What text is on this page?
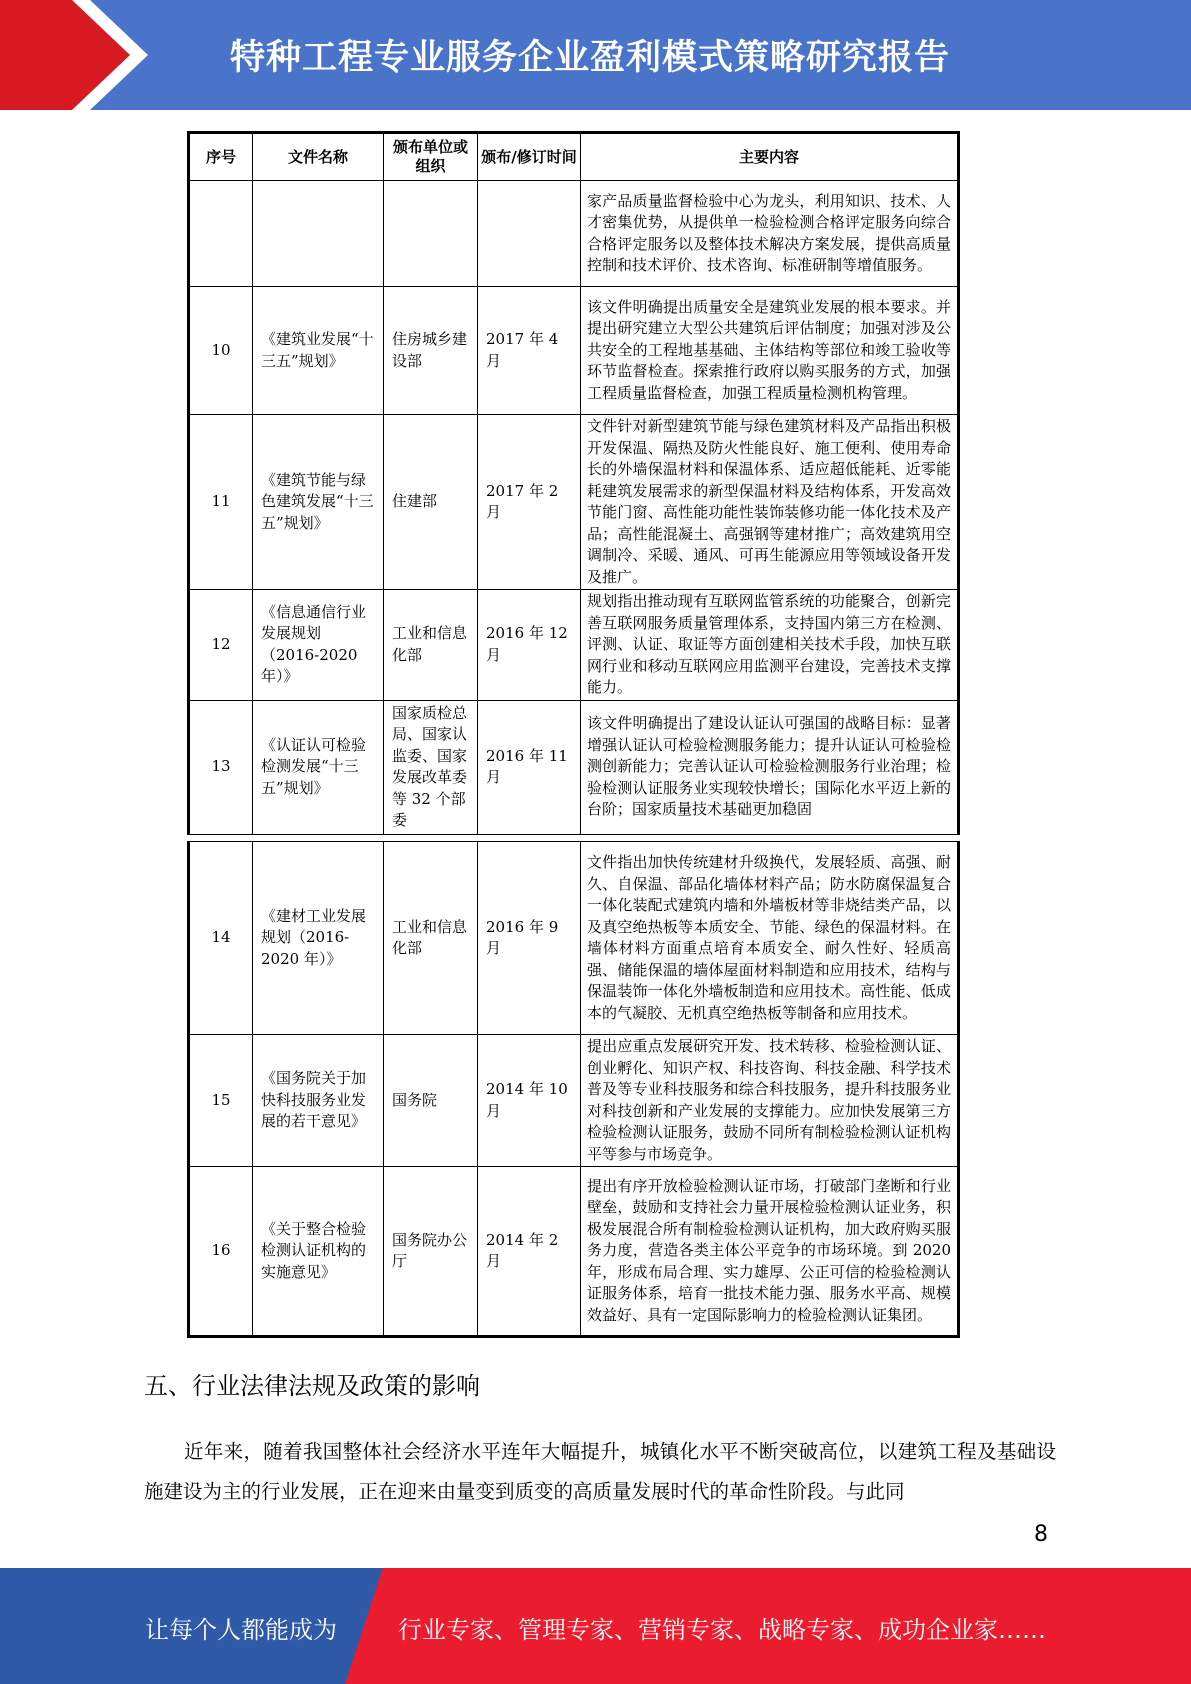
特种工程专业服务企业盈利模式策略研究报告
序号	文件名称	颁布单位或组织	颁布/修订时间	主要内容
				家产品质量监督检验中心为龙头，利用知识、技术、人才密集优势，从提供单一检验检测合格评定服务向综合合格评定服务以及整体技术解决方案发展，提供高质量控制和技术评价、技术咨询、标准研制等增值服务。
10	《建筑业发展“十三五”规划》	住房城乡建设部	2017 年 4 月	该文件明确提出质量安全是建筑业发展的根本要求。并提出研究建立大型公共建筑后评估制度；加强对涉及公共安全的工程地基基础、主体结构等部位和竣工验收等环节监督检查。探索推行政府以购买服务的方式，加强工程质量监督检查，加强工程质量检测机构管理。
11	《建筑节能与绿色建筑发展“十三五”规划》	住建部	2017 年 2 月	文件针对新型建筑节能与绿色建筑材料及产品指出积极开发保温、隔热及防火性能良好、施工便利、使用寿命长的外墙保温材料和保温体系、适应超低能耗、近零能耗建筑发展需求的新型保温材料及结构体系，开发高效节能门窗、高性能功能性装饰装修功能一体化技术及产品；高性能混凝土、高强钢等建材推广；高效建筑用空调制冷、采暖、通风、可再生能源应用等领域设备开发及推广。
12	《信息通信行业发展规划（2016-2020 年）》	工业和信息化部	2016 年 12 月	规划指出推动现有互联网监管系统的功能聚合，创新完善互联网服务质量管理体系，支持国内第三方在检测、评测、认证、取证等方面创建相关技术手段，加快互联网行业和移动互联网应用监测平台建设，完善技术支撑能力。
13	《认证认可检验检测发展“十三五”规划》	国家质检总局、国家认监委、国家发展改革委等 32 个部委	2016 年 11 月	该文件明确提出了建设认证认可强国的战略目标：显著增强认证认可检验检测服务能力；提升认证认可检验检测创新能力；完善认证认可检验检测服务行业治理；检验检测认证服务业实现较快增长；国际化水平迈上新的台阶；国家质量技术基础更加稳固
14	《建材工业发展规划（2016-2020 年）》	工业和信息化部	2016 年 9 月	文件指出加快传统建材升级换代，发展轻质、高强、耐久、自保温、部品化墙体材料产品；防水防腐保温复合一体化装配式建筑内墙和外墙板材等非烧结类产品，以及真空绝热板等本质安全、节能、绿色的保温材料。在墙体材料方面重点培育本质安全、耐久性好、轻质高强、储能保温的墙体屋面材料制造和应用技术，结构与保温装饰一体化外墙板制造和应用技术。高性能、低成本的气凝胶、无机真空绝热板等制备和应用技术。
15	《国务院关于加快科技服务业发展的若干意见》	国务院	2014 年 10 月	提出应重点发展研究开发、技术转移、检验检测认证、创业孵化、知识产权、科技咨询、科技金融、科学技术普及等专业科技服务和综合科技服务，提升科技服务业对科技创新和产业发展的支撑能力。应加快发展第三方检验检测认证服务，鼓励不同所有制检验检测认证机构平等参与市场竞争。
16	《关于整合检验检测认证机构的实施意见》	国务院办公厅	2014 年 2 月	提出有序开放检验检测认证市场，打破部门垄断和行业壁垒，鼓励和支持社会力量开展检验检测认证业务，积极发展混合所有制检验检测认证机构，加大政府购买服务力度，营造各类主体公平竞争的市场环境。到 2020 年，形成布局合理、实力雄厚、公正可信的检验检测认证服务体系，培育一批技术能力强、服务水平高、规模效益好、具有一定国际影响力的检验检测认证集团。
五、行业法律法规及政策的影响
近年来，随着我国整体社会经济水平连年大幅提升，城镇化水平不断突破高位，以建筑工程及基础设施建设为主的行业发展，正在迎来由量变到质变的高质量发展时代的革命性阶段。与此同
8
让每个人都能成为	行业专家、管理专家、营销专家、战略专家、成功企业家……
